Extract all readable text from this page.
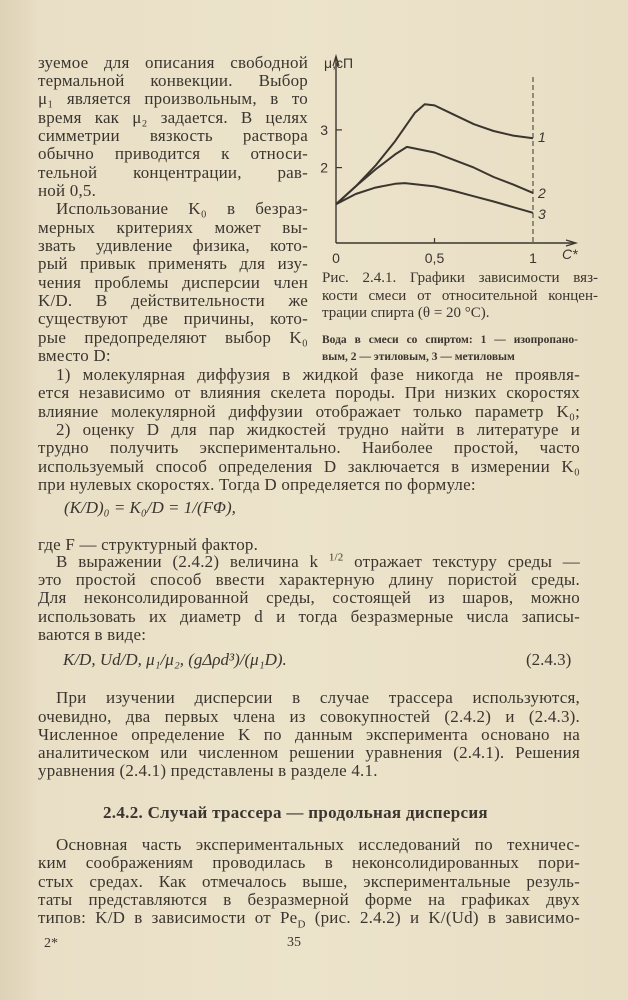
зуемое для описания свободной
термальной конвекции. Выбор
μ₁ является произвольным, в то
время как μ₂ задается. В целях
симметрии вязкость раствора
обычно приводится к относи-
тельной концентрации, рав-
ной 0,5.
Использование K₀ в безраз-
мерных критериях может вы-
звать удивление физика, кото-
рый привык применять для изу-
чения проблемы дисперсии член
K/D. В действительности же
существуют две причины, кото-
рые предопределяют выбор K₀
вместо D:
2
3
0	0,5	1 C*
μ,сП
1
2
3
Рис. 2.4.1. Графики зависимости вяз-
кости смеси от относительной концен-
трации спирта (θ = 20 °C).
Вода в смеси со спиртом: 1 — изопропано-
вым, 2 — этиловым, 3 — метиловым
1) молекулярная диффузия в жидкой фазе никогда не проявля-
ется независимо от влияния скелета породы. При низких скоростях
влияние молекулярной диффузии отображает только параметр K₀;
2) оценку D для пар жидкостей трудно найти в литературе и
трудно получить экспериментально. Наиболее простой, часто
используемый способ определения D заключается в измерении K₀
при нулевых скоростях. Тогда D определяется по формуле:
(K/D)₀ = K₀/D = 1/(FΦ),
где F — структурный фактор.
В выражении (2.4.2) величина k $^{1/2}$ отражает текстуру среды —
это простой способ ввести характерную длину пористой среды.
Для неконсолидированной среды, состоящей из шаров, можно
использовать их диаметр d и тогда безразмерные числа записы-
ваются в виде:
K/D, Ud/D, μ₁/μ₂, (gΔρd³)/(μ₁D).	(2.4.3)
При изучении дисперсии в случае трассера используются,
очевидно, два первых члена из совокупностей (2.4.2) и (2.4.3).
Численное определение K по данным эксперимента основано на
аналитическом или численном решении уравнения (2.4.1). Решения
уравнения (2.4.1) представлены в разделе 4.1.
2.4.2. Случай трассера — продольная дисперсия
Основная часть экспериментальных исследований по техничес-
ким соображениям проводилась в неконсолидированных пори-
стых средах. Как отмечалось выше, экспериментальные резуль-
таты представляются в безразмерной форме на графиках двух
типов: K/D в зависимости от $Pe_D$ (рис. 2.4.2) и K/(Ud) в зависимо-
2*	35
